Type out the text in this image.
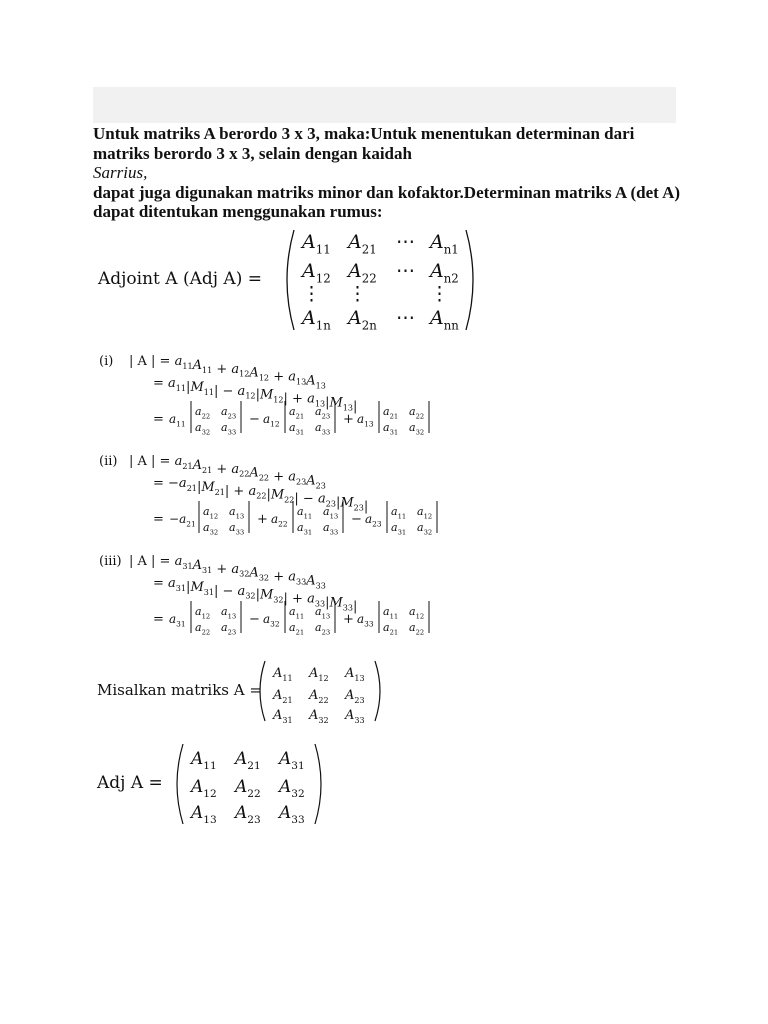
Untuk matriks A berordo 3 x 3, maka:Untuk menentukan determinan dari
matriks berordo 3 x 3, selain dengan kaidah
Sarrius,
dapat juga digunakan matriks minor dan kofaktor.Determinan matriks A (det A)
dapat ditentukan menggunakan rumus:
Adjoint A (Adj A) =
$A_{11}$ $A_{21}$ ⋯ $A_{n1}$
$A_{12}$ $A_{22}$ ⋯ $A_{n2}$
⋮ ⋮	⋮
$A_{1n}$ $A_{2n}$ ⋯ $A_{nn}$
(i) | A | = $a_{11}A_{11} + a_{12}A_{12} + a_{13}A_{13}$
= $a_{11}|M_{11}| - a_{12}|M_{12}| + a_{13}|M_{13}|$
= $a_{11}$
$a_{22}$ $a_{23}$
$a_{32}$ $a_{33}$
− $a_{12}$
$a_{21}$ $a_{23}$
$a_{31}$ $a_{33}$
+ $a_{13}$
$a_{21}$ $a_{22}$
$a_{31}$ $a_{32}$
(ii) | A | = $a_{21}A_{21} + a_{22}A_{22} + a_{23}A_{23}$
= $-a_{21}|M_{21}| + a_{22}|M_{22}| - a_{23}|M_{23}|$
= $-a_{21}$
$a_{12}$ $a_{13}$
$a_{32}$ $a_{33}$
+ $a_{22}$
$a_{11}$ $a_{13}$
$a_{31}$ $a_{33}$
− $a_{23}$
$a_{11}$ $a_{12}$
$a_{31}$ $a_{32}$
(iii) | A | = $a_{31}A_{31} + a_{32}A_{32} + a_{33}A_{33}$
= $a_{31}|M_{31}| - a_{32}|M_{32}| + a_{33}|M_{33}|$
= $a_{31}$
$a_{12}$ $a_{13}$
$a_{22}$ $a_{23}$
− $a_{32}$
$a_{11}$ $a_{13}$
$a_{21}$ $a_{23}$
+ $a_{33}$
$a_{11}$ $a_{12}$
$a_{21}$ $a_{22}$
Misalkan matriks A =
$A_{11}$ $A_{12}$ $A_{13}$
$A_{21}$ $A_{22}$ $A_{23}$
$A_{31}$ $A_{32}$ $A_{33}$
Adj A =
$A_{11}$ $A_{21}$ $A_{31}$
$A_{12}$ $A_{22}$ $A_{32}$
$A_{13}$ $A_{23}$ $A_{33}$
